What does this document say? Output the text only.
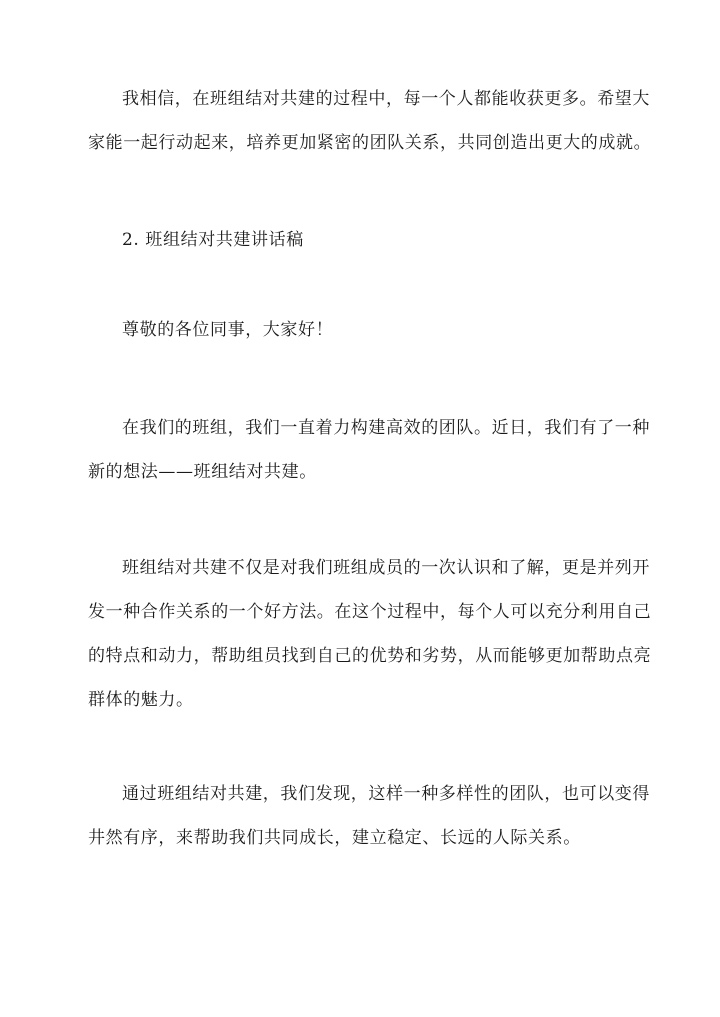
我相信，在班组结对共建的过程中，每一个人都能收获更多。希望大
家能一起行动起来，培养更加紧密的团队关系，共同创造出更大的成就。

2. 班组结对共建讲话稿

尊敬的各位同事，大家好！

在我们的班组，我们一直着力构建高效的团队。近日，我们有了一种
新的想法——班组结对共建。

班组结对共建不仅是对我们班组成员的一次认识和了解，更是并列开
发一种合作关系的一个好方法。在这个过程中，每个人可以充分利用自己
的特点和动力，帮助组员找到自己的优势和劣势，从而能够更加帮助点亮
群体的魅力。

通过班组结对共建，我们发现，这样一种多样性的团队，也可以变得
井然有序，来帮助我们共同成长，建立稳定、长远的人际关系。
